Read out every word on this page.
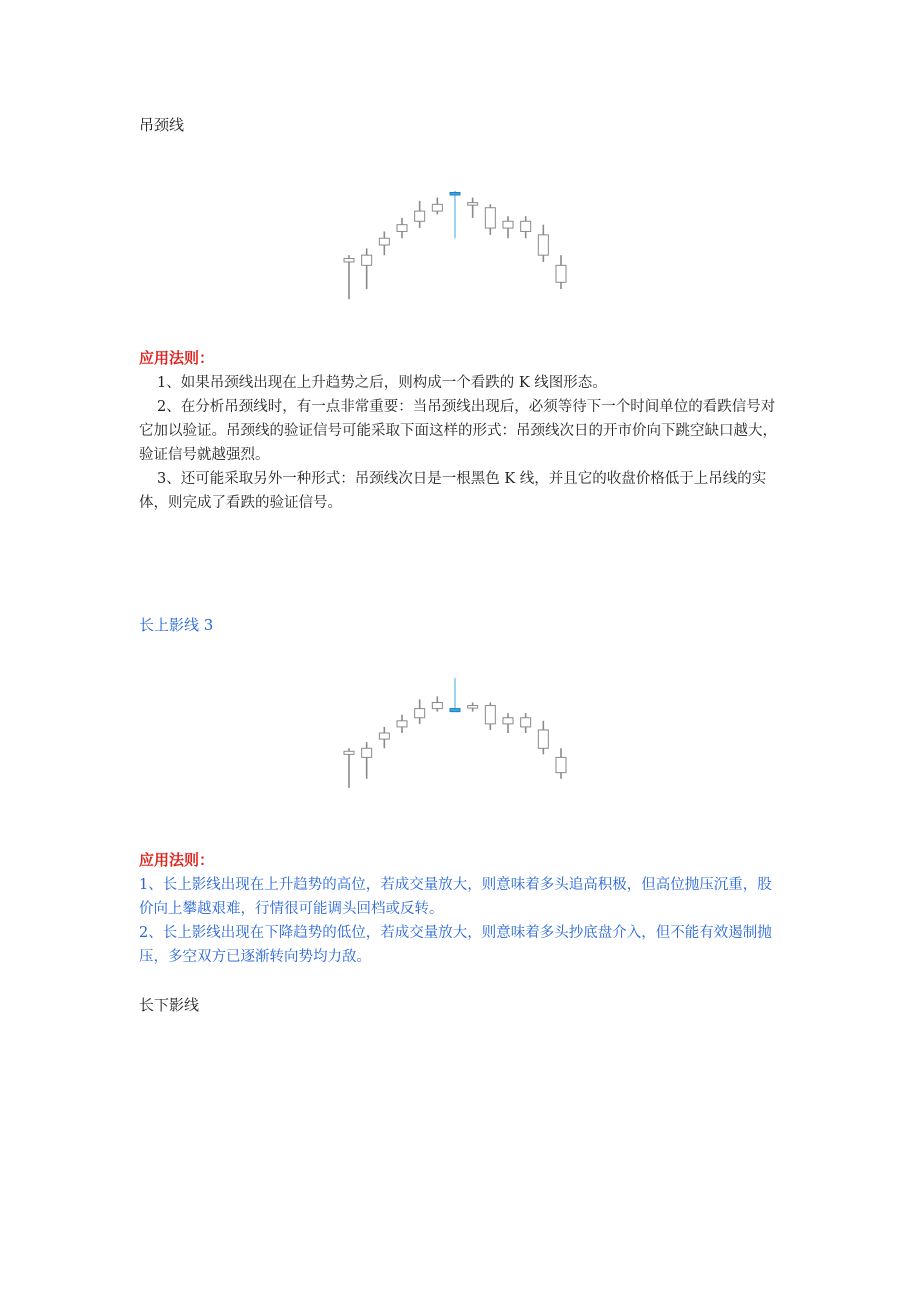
吊颈线
应用法则：

1、如果吊颈线出现在上升趋势之后，则构成一个看跌的 K 线图形态。

2、在分析吊颈线时，有一点非常重要：当吊颈线出现后，必须等待下一个时间单位的看跌信号对它加以验证。吊颈线的验证信号可能采取下面这样的形式：吊颈线次日的开市价向下跳空缺口越大，验证信号就越强烈。

3、还可能采取另外一种形式：吊颈线次日是一根黑色 K 线，并且它的收盘价格低于上吊线的实体，则完成了看跌的验证信号。

长上影线 3
应用法则：

1、长上影线出现在上升趋势的高位，若成交量放大，则意味着多头追高积极，但高位抛压沉重，股价向上攀越艰难，行情很可能调头回档或反转。

2、长上影线出现在下降趋势的低位，若成交量放大，则意味着多头抄底盘介入，但不能有效遏制抛压，多空双方已逐渐转向势均力敌。

长下影线
